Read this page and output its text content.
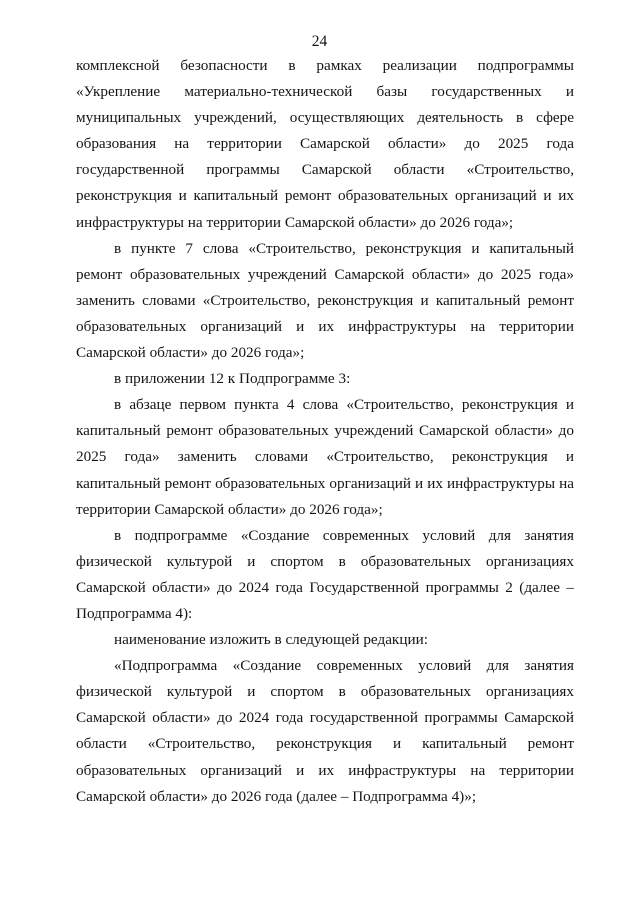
24
комплексной безопасности в рамках реализации подпрограммы
«Укрепление материально-технической базы государственных и
муниципальных учреждений, осуществляющих деятельность в сфере
образования на территории Самарской области» до 2025 года
государственной программы Самарской области «Строительство,
реконструкция и капитальный ремонт образовательных организаций и их
инфраструктуры на территории Самарской области» до 2026 года»;
в пункте 7 слова «Строительство, реконструкция и капитальный
ремонт образовательных учреждений Самарской области» до 2025 года»
заменить словами «Строительство, реконструкция и капитальный ремонт
образовательных организаций и их инфраструктуры на территории
Самарской области» до 2026 года»;
в приложении 12 к Подпрограмме 3:
в абзаце первом пункта 4 слова «Строительство, реконструкция и
капитальный ремонт образовательных учреждений Самарской области» до
2025 года» заменить словами «Строительство, реконструкция и
капитальный ремонт образовательных организаций и их инфраструктуры на
территории Самарской области» до 2026 года»;
в подпрограмме «Создание современных условий для занятия
физической культурой и спортом в образовательных организациях
Самарской области» до 2024 года Государственной программы 2 (далее –
Подпрограмма 4):
наименование изложить в следующей редакции:
«Подпрограмма «Создание современных условий для занятия
физической культурой и спортом в образовательных организациях
Самарской области» до 2024 года государственной программы Самарской
области «Строительство, реконструкция и капитальный ремонт
образовательных организаций и их инфраструктуры на территории
Самарской области» до 2026 года (далее – Подпрограмма 4)»;
